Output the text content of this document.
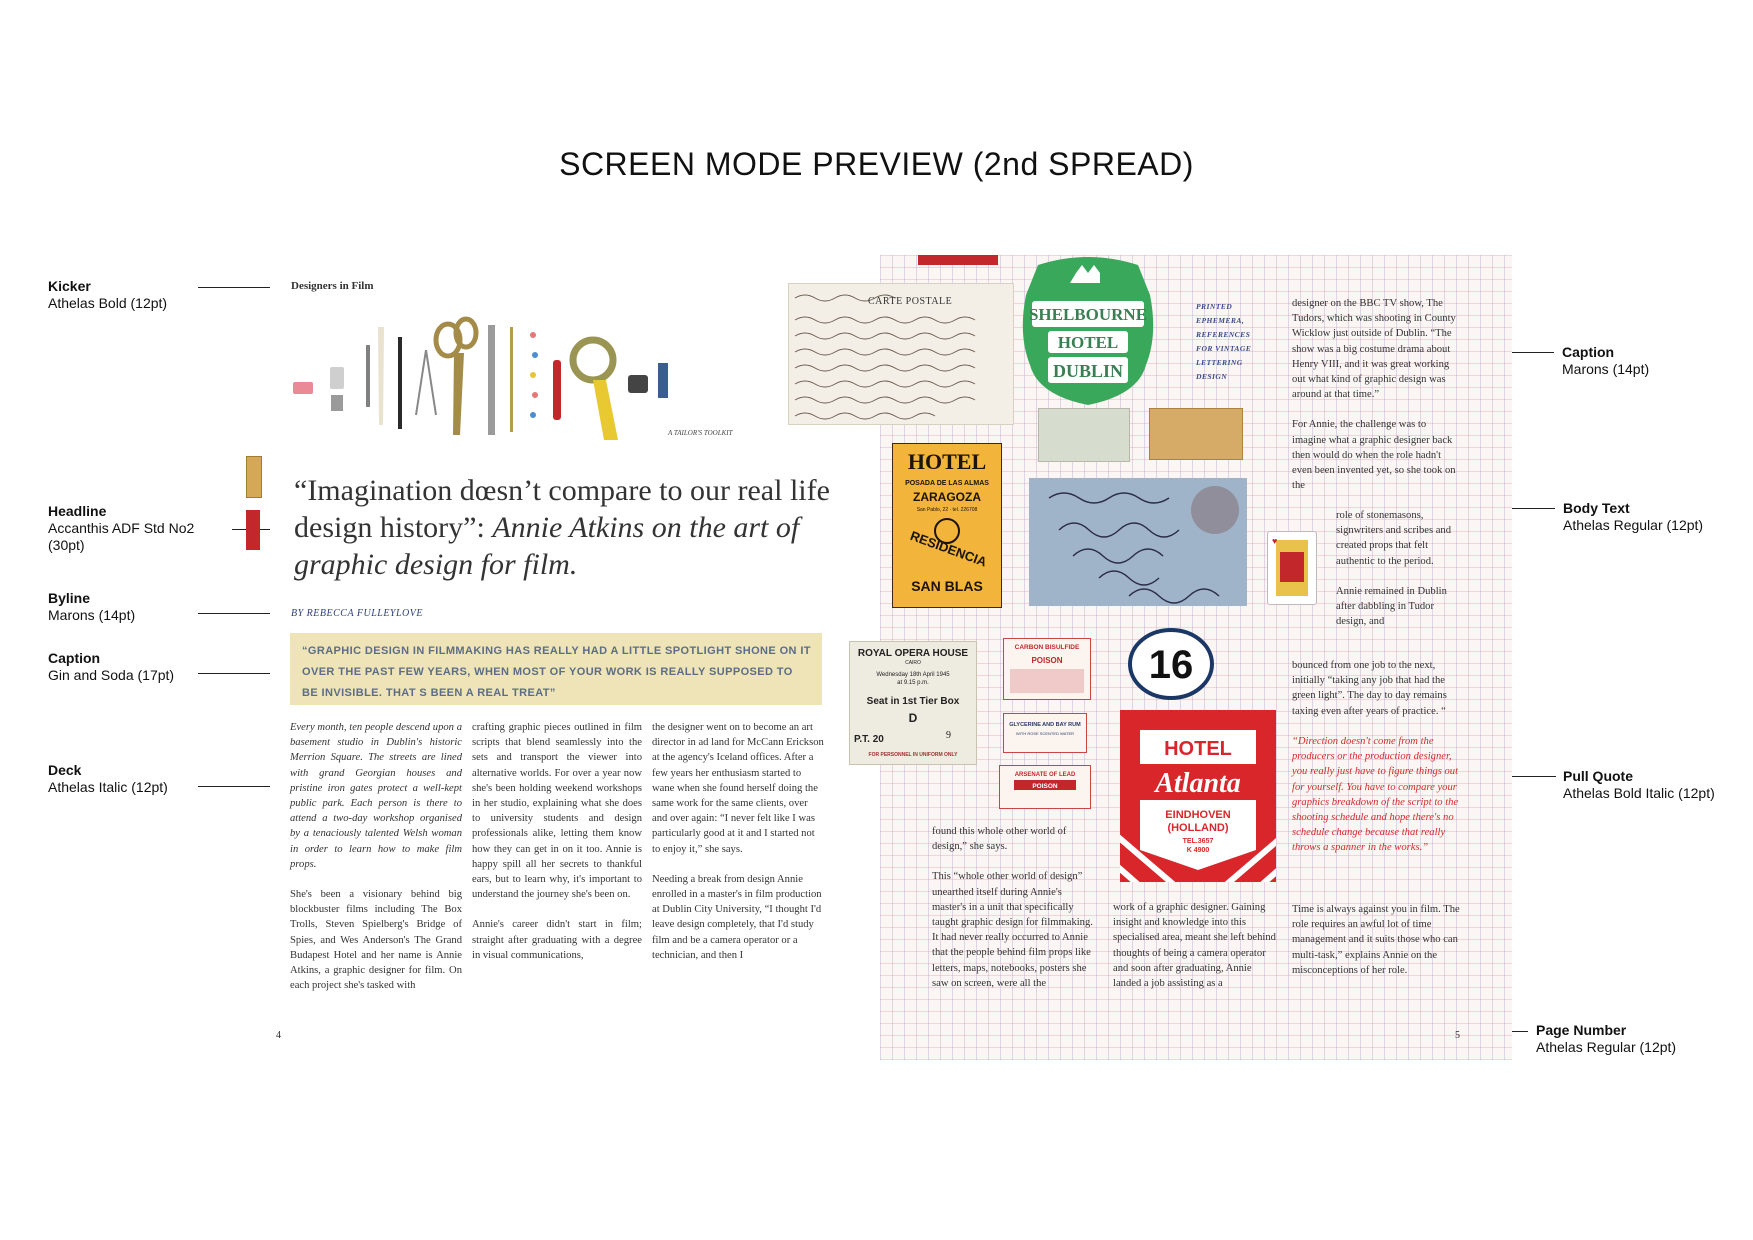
SCREEN MODE PREVIEW (2nd SPREAD)
Kicker
Athelas Bold (12pt)
Headline
Accanthis ADF Std No2
(30pt)
Byline
Marons (14pt)
Caption
Gin and Soda (17pt)
Deck
Athelas Italic (12pt)
Caption
Marons (14pt)
Body Text
Athelas Regular (12pt)
Pull Quote
Athelas Bold Italic (12pt)
Page Number
Athelas Regular (12pt)
Designers in Film
A TAILOR'S TOOLKIT
“Imagination dœsn’t compare to our real life design history”: Annie Atkins on the art of graphic design for film.
BY REBECCA FULLEYLOVE
“GRAPHIC DESIGN IN FILMMAKING HAS REALLY HAD A LITTLE SPOTLIGHT SHONE ON IT OVER THE PAST FEW YEARS, WHEN MOST OF YOUR WORK IS REALLY SUPPOSED TO BE INVISIBLE. THAT S BEEN A REAL TREAT”

Every month, ten people descend upon a basement studio in Dublin's historic Merrion Square. The streets are lined with grand Georgian houses and pristine iron gates protect a well-kept public park. Each person is there to attend a two-day workshop organised by a tenaciously talented Welsh woman in order to learn how to make film props.

She's been a visionary behind big blockbuster films including The Box Trolls, Steven Spielberg's Bridge of Spies, and Wes Anderson's The Grand Budapest Hotel and her name is Annie Atkins, a graphic designer for film. On each project she's tasked with

crafting graphic pieces outlined in film scripts that blend seamlessly into the sets and transport the viewer into alternative worlds. For over a year now she's been holding weekend workshops in her studio, explaining what she does to university students and design professionals alike, letting them know how they can get in on it too. Annie is happy spill all her secrets to thankful ears, but to learn why, it's important to understand the journey she's been on.

Annie's career didn't start in film; straight after graduating with a degree in visual communications,

the designer went on to become an art director in ad land for McCann Erickson at the agency's Iceland offices. After a few years her enthusiasm started to wane when she found herself doing the same work for the same clients, over and over again: “I never felt like I was particularly good at it and I started not to enjoy it,” she says.

Needing a break from design Annie enrolled in a master's in film production at Dublin City University, “I thought I'd leave design completely, that I'd study film and be a camera operator or a technician, and then I

4
CARTE POSTALE
SHELBOURNE
HOTEL
DUBLIN
PRINTED
EPHEMERA,
REFERENCES
FOR VINTAGE
LETTERING
DESIGN
HOTEL
POSADA DE LAS ALMAS
ZARAGOZA
San Pablo, 22 · tel. 226708
RESIDENCIA
SAN BLAS
♥
ROYAL OPERA HOUSE
CAIRO
Wednesday 18th April 1945
at 9.15 p.m.
Seat in 1st Tier Box
D
P.T. 20	9
FOR PERSONNEL IN UNIFORM ONLY
CARBON BISULFIDE
POISON
GLYCERINE AND BAY RUM
WITH ROSE SCENTED WATER
ARSENATE OF LEAD
POISON
16
HOTEL
Atlanta
EINDHOVEN
(HOLLAND)
TEL.3657
K 4900

found this whole other world of design,” she says.

This “whole other world of design” unearthed itself during Annie's master's in a unit that specifically taught graphic design for filmmaking. It had never really occurred to Annie that the people behind film props like letters, maps, notebooks, posters she saw on screen, were all the

work of a graphic designer. Gaining insight and knowledge into this specialised area, meant she left behind thoughts of being a camera operator and soon after graduating, Annie landed a job assisting as a

designer on the BBC TV show, The Tudors, which was shooting in County Wicklow just outside of Dublin. “The show was a big costume drama about Henry VIII, and it was great working out what kind of graphic design was around at that time.”

For Annie, the challenge was to imagine what a graphic designer back then would do when the role hadn't even been invented yet, so she took on the

role of stonemasons, signwriters and scribes and created props that felt authentic to the period.

Annie remained in Dublin after dabbling in Tudor design, and

bounced from one job to the next, initially “taking any job that had the green light”. The day to day remains taxing even after years of practice. “

“Direction doesn't come from the producers or the production designer, you really just have to figure things out for yourself. You have to compare your graphics breakdown of the script to the shooting schedule and hope there's no schedule change because that really throws a spanner in the works.”

Time is always against you in film. The role requires an awful lot of time management and it suits those who can multi-task,” explains Annie on the misconceptions of her role.

5
